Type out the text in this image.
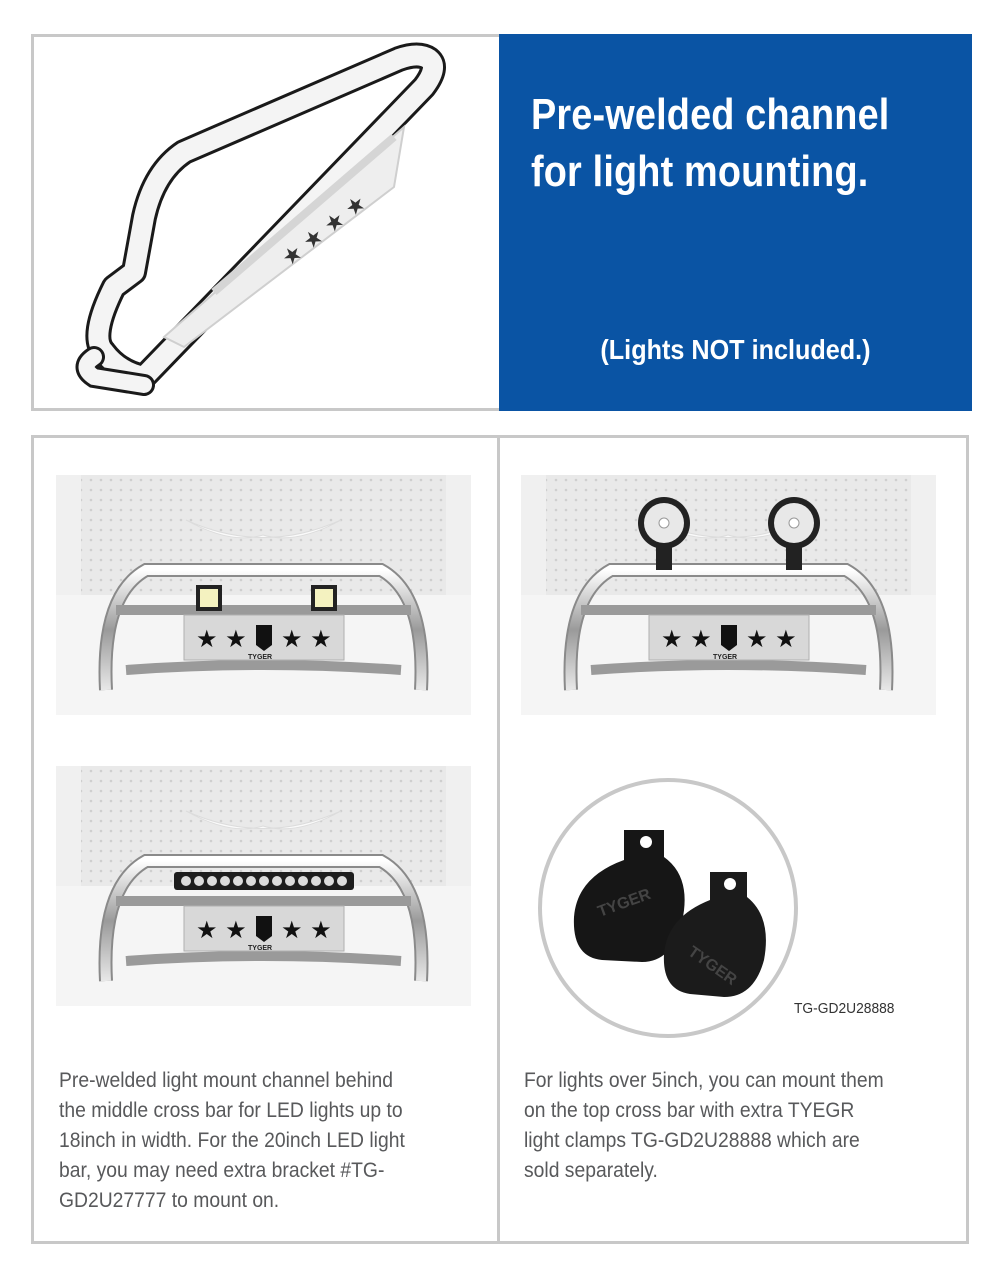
★ ★ ★ ★
Pre-welded channel
for light mounting.
(Lights NOT included.)
★ ★ ★ ★
TYGER
★ ★ ★ ★
TYGER
★ ★ ★ ★
TYGER
TYGER
TYGER
TG-GD2U28888
Pre-welded light mount channel behind
the middle cross bar for LED lights up to
18inch in width. For the 20inch LED light
bar, you may need extra bracket #TG-
GD2U27777 to mount on.
For lights over 5inch, you can mount them
on the top cross bar with extra TYEGR
light clamps TG-GD2U28888 which are
sold separately.
